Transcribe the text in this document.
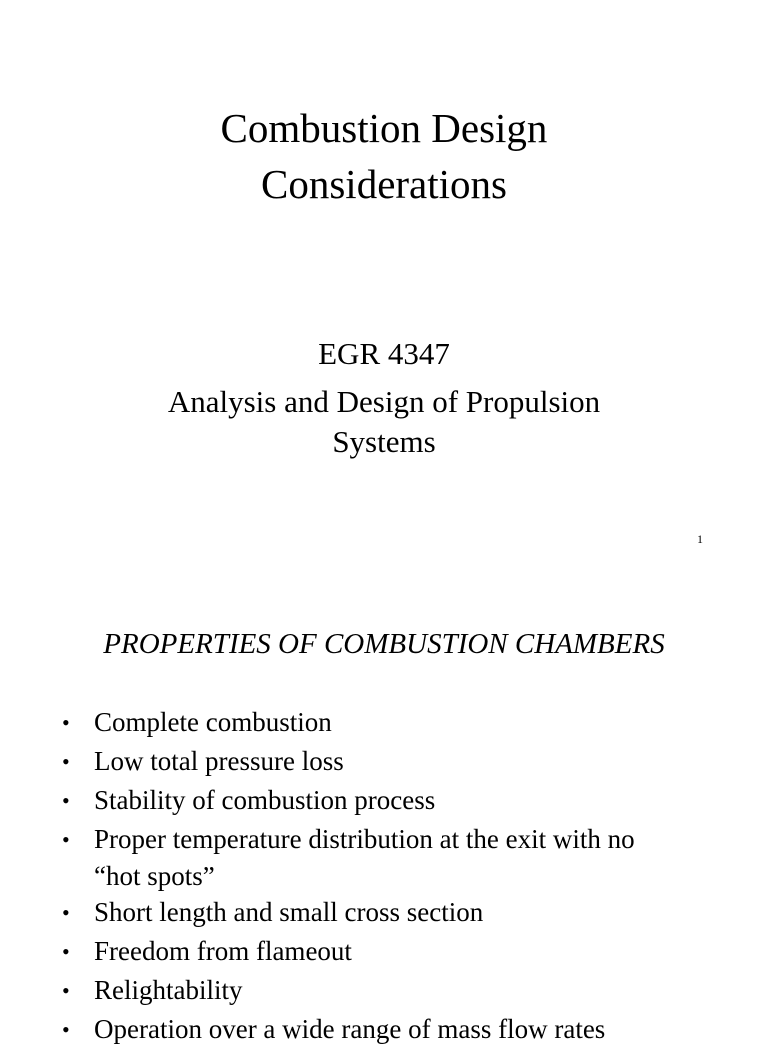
Combustion Design
Considerations
EGR 4347
Analysis and Design of Propulsion
Systems
1
PROPERTIES OF COMBUSTION CHAMBERS
• Complete combustion
• Low total pressure loss
• Stability of combustion process
• Proper temperature distribution at the exit with no
“hot spots”
• Short length and small cross section
• Freedom from flameout
• Relightability
• Operation over a wide range of mass flow rates
